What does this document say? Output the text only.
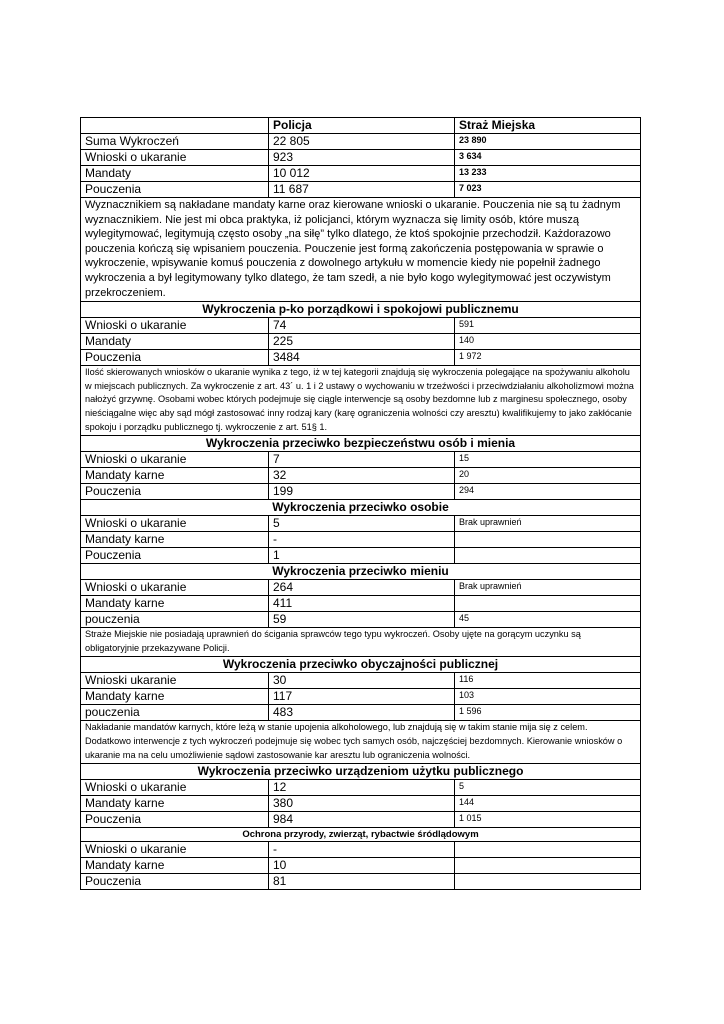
	Policja	Straż Miejska
Suma Wykroczeń	22 805	23 890
Wnioski o ukaranie	923	3 634
Mandaty	10 012	13 233
Pouczenia	11 687	7 023
Wyznacznikiem są nakładane mandaty karne oraz kierowane wnioski o ukaranie. Pouczenia nie są tu żadnym wyznacznikiem. Nie jest mi obca praktyka, iż policjanci, którym wyznacza się limity osób, które muszą wylegitymować, legitymują często osoby „na siłę” tylko dlatego, że ktoś spokojnie przechodził. Każdorazowo pouczenia kończą się wpisaniem pouczenia. Pouczenie jest formą zakończenia postępowania w sprawie o wykroczenie, wpisywanie komuś pouczenia z dowolnego artykułu w momencie kiedy nie popełnił żadnego wykroczenia a był legitymowany tylko dlatego, że tam szedł, a nie było kogo wylegitymować jest oczywistym przekroczeniem.		
Wykroczenia p-ko porządkowi i spokojowi publicznemu		
Wnioski o ukaranie	74	591
Mandaty	225	140
Pouczenia	3484	1 972
Ilość skierowanych wniosków o ukaranie wynika z tego, iż w tej kategorii znajdują się wykroczenia polegające na spożywaniu alkoholu w miejscach publicznych. Za wykroczenie z art. 43´ u. 1 i 2 ustawy o wychowaniu w trzeźwości i przeciwdziałaniu alkoholizmowi można nałożyć grzywnę. Osobami wobec których podejmuje się ciągle interwencje są osoby bezdomne lub z marginesu społecznego, osoby nieściągalne więc aby sąd mógł zastosować inny rodzaj kary (karę ograniczenia wolności czy aresztu) kwalifikujemy to jako zakłócanie spokoju i porządku publicznego tj. wykroczenie z art. 51§ 1.		
Wykroczenia przeciwko bezpieczeństwu osób i mienia		
Wnioski o ukaranie	7	15
Mandaty karne	32	20
Pouczenia	199	294
Wykroczenia przeciwko osobie		
Wnioski o ukaranie	5	Brak uprawnień
Mandaty karne	-	
Pouczenia	1	
Wykroczenia przeciwko mieniu		
Wnioski o ukaranie	264	Brak uprawnień
Mandaty karne	411	
pouczenia	59	45
Straże Miejskie nie posiadają uprawnień do ścigania sprawców tego typu wykroczeń. Osoby ujęte na gorącym uczynku są obligatoryjnie przekazywane Policji.		
Wykroczenia przeciwko obyczajności publicznej		
Wnioski ukaranie	30	116
Mandaty karne	117	103
pouczenia	483	1 596
Nakładanie mandatów karnych, które leżą w stanie upojenia alkoholowego, lub znajdują się w takim stanie mija się z celem. Dodatkowo interwencje z tych wykroczeń podejmuje się wobec tych samych osób, najczęściej bezdomnych. Kierowanie wniosków o ukaranie ma na celu umożliwienie sądowi zastosowanie kar aresztu lub ograniczenia wolności.		
Wykroczenia przeciwko urządzeniom użytku publicznego		
Wnioski o ukaranie	12	5
Mandaty karne	380	144
Pouczenia	984	1 015
Ochrona przyrody, zwierząt, rybactwie śródlądowym		
Wnioski o ukaranie	-	
Mandaty karne	10	
Pouczenia	81	
